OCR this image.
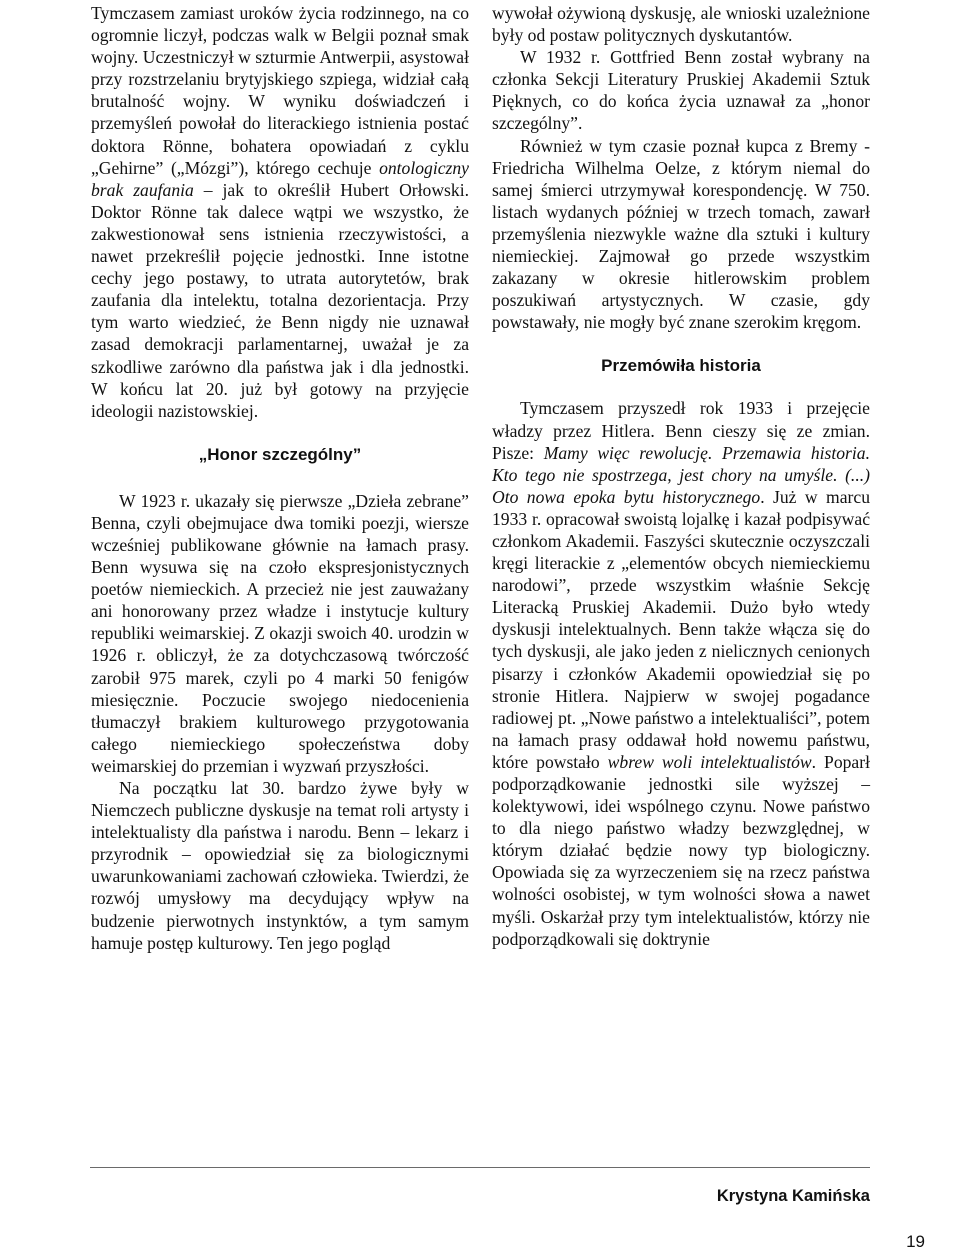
Tymczasem zamiast uroków życia rodzinnego, na co ogromnie liczył, podczas walk w Belgii poznał smak wojny. Uczestniczył w szturmie Antwerpii, asystował przy rozstrzelaniu brytyjskiego szpiega, widział całą brutalność wojny. W wyniku doświadczeń i przemyśleń powołał do literackiego istnienia postać doktora Rönne, bohatera opowiadań z cyklu „Gehirne” („Mózgi”), którego cechuje ontologiczny brak zaufania – jak to określił Hubert Orłowski. Doktor Rönne tak dalece wątpi we wszystko, że zakwestionował sens istnienia rzeczywistości, a nawet przekreślił pojęcie jednostki. Inne istotne cechy jego postawy, to utrata autorytetów, brak zaufania dla intelektu, totalna dezorientacja. Przy tym warto wiedzieć, że Benn nigdy nie uznawał zasad demokracji parlamentarnej, uważał je za szkodliwe zarówno dla państwa jak i dla jednostki. W końcu lat 20. już był gotowy na przyjęcie ideologii nazistowskiej.

„Honor szczególny”

W 1923 r. ukazały się pierwsze „Dzieła zebrane” Benna, czyli obejmujace dwa tomiki poezji, wiersze wcześniej publikowane głównie na łamach prasy. Benn wysuwa się na czoło ekspresjonistycznych poetów niemieckich. A przecież nie jest zauważany ani honorowany przez władze i instytucje kultury republiki weimarskiej. Z okazji swoich 40. urodzin w 1926 r. obliczył, że za dotychczasową twórczość zarobił 975 marek, czyli po 4 marki 50 fenigów miesięcznie. Poczucie swojego niedocenienia tłumaczył brakiem kulturowego przygotowania całego niemieckiego społeczeństwa doby weimarskiej do przemian i wyzwań przyszłości.

Na początku lat 30. bardzo żywe były w Niemczech publiczne dyskusje na temat roli artysty i intelektualisty dla państwa i narodu. Benn – lekarz i przyrodnik – opowiedział się za biologicznymi uwarunkowaniami zachowań człowieka. Twierdzi, że rozwój umysłowy ma decydujący wpływ na budzenie pierwotnych instynktów, a tym samym hamuje postęp kulturowy. Ten jego pogląd

wywołał ożywioną dyskusję, ale wnioski uzależnione były od postaw politycznych dyskutantów.

W 1932 r. Gottfried Benn został wybrany na członka Sekcji Literatury Pruskiej Akademii Sztuk Pięknych, co do końca życia uznawał za „honor szczególny”.

Również w tym czasie poznał kupca z Bremy - Friedricha Wilhelma Oelze, z którym niemal do samej śmierci utrzymywał korespondencję. W 750. listach wydanych później w trzech tomach, zawarł przemyślenia niezwykle ważne dla sztuki i kultury niemieckiej. Zajmował go przede wszystkim zakazany w okresie hitlerowskim problem poszukiwań artystycznych. W czasie, gdy powstawały, nie mogły być znane szerokim kręgom.

Przemówiła historia

Tymczasem przyszedł rok 1933 i przejęcie władzy przez Hitlera. Benn cieszy się ze zmian. Pisze: Mamy więc rewolucję. Przemawia historia. Kto tego nie spostrzega, jest chory na umyśle. (...) Oto nowa epoka bytu historycznego. Już w marcu 1933 r. opracował swoistą lojalkę i kazał podpisywać członkom Akademii. Faszyści skutecznie oczyszczali kręgi literackie z „elementów obcych niemieckiemu narodowi”, przede wszystkim właśnie Sekcję Literacką Pruskiej Akademii. Dużo było wtedy dyskusji intelektualnych. Benn także włącza się do tych dyskusji, ale jako jeden z nielicznych cenionych pisarzy i członków Akademii opowiedział się po stronie Hitlera. Najpierw w swojej pogadance radiowej pt. „Nowe państwo a intelektualiści”, potem na łamach prasy oddawał hołd nowemu państwu, które powstało wbrew woli intelektualistów. Poparł podporządkowanie jednostki sile wyższej – kolektywowi, idei wspólnego czynu. Nowe państwo to dla niego państwo władzy bezwzględnej, w którym działać będzie nowy typ biologiczny. Opowiada się za wyrzeczeniem się na rzecz państwa wolności osobistej, w tym wolności słowa a nawet myśli. Oskarżał przy tym intelektualistów, którzy nie podporządkowali się doktrynie

Krystyna Kamińska
19
